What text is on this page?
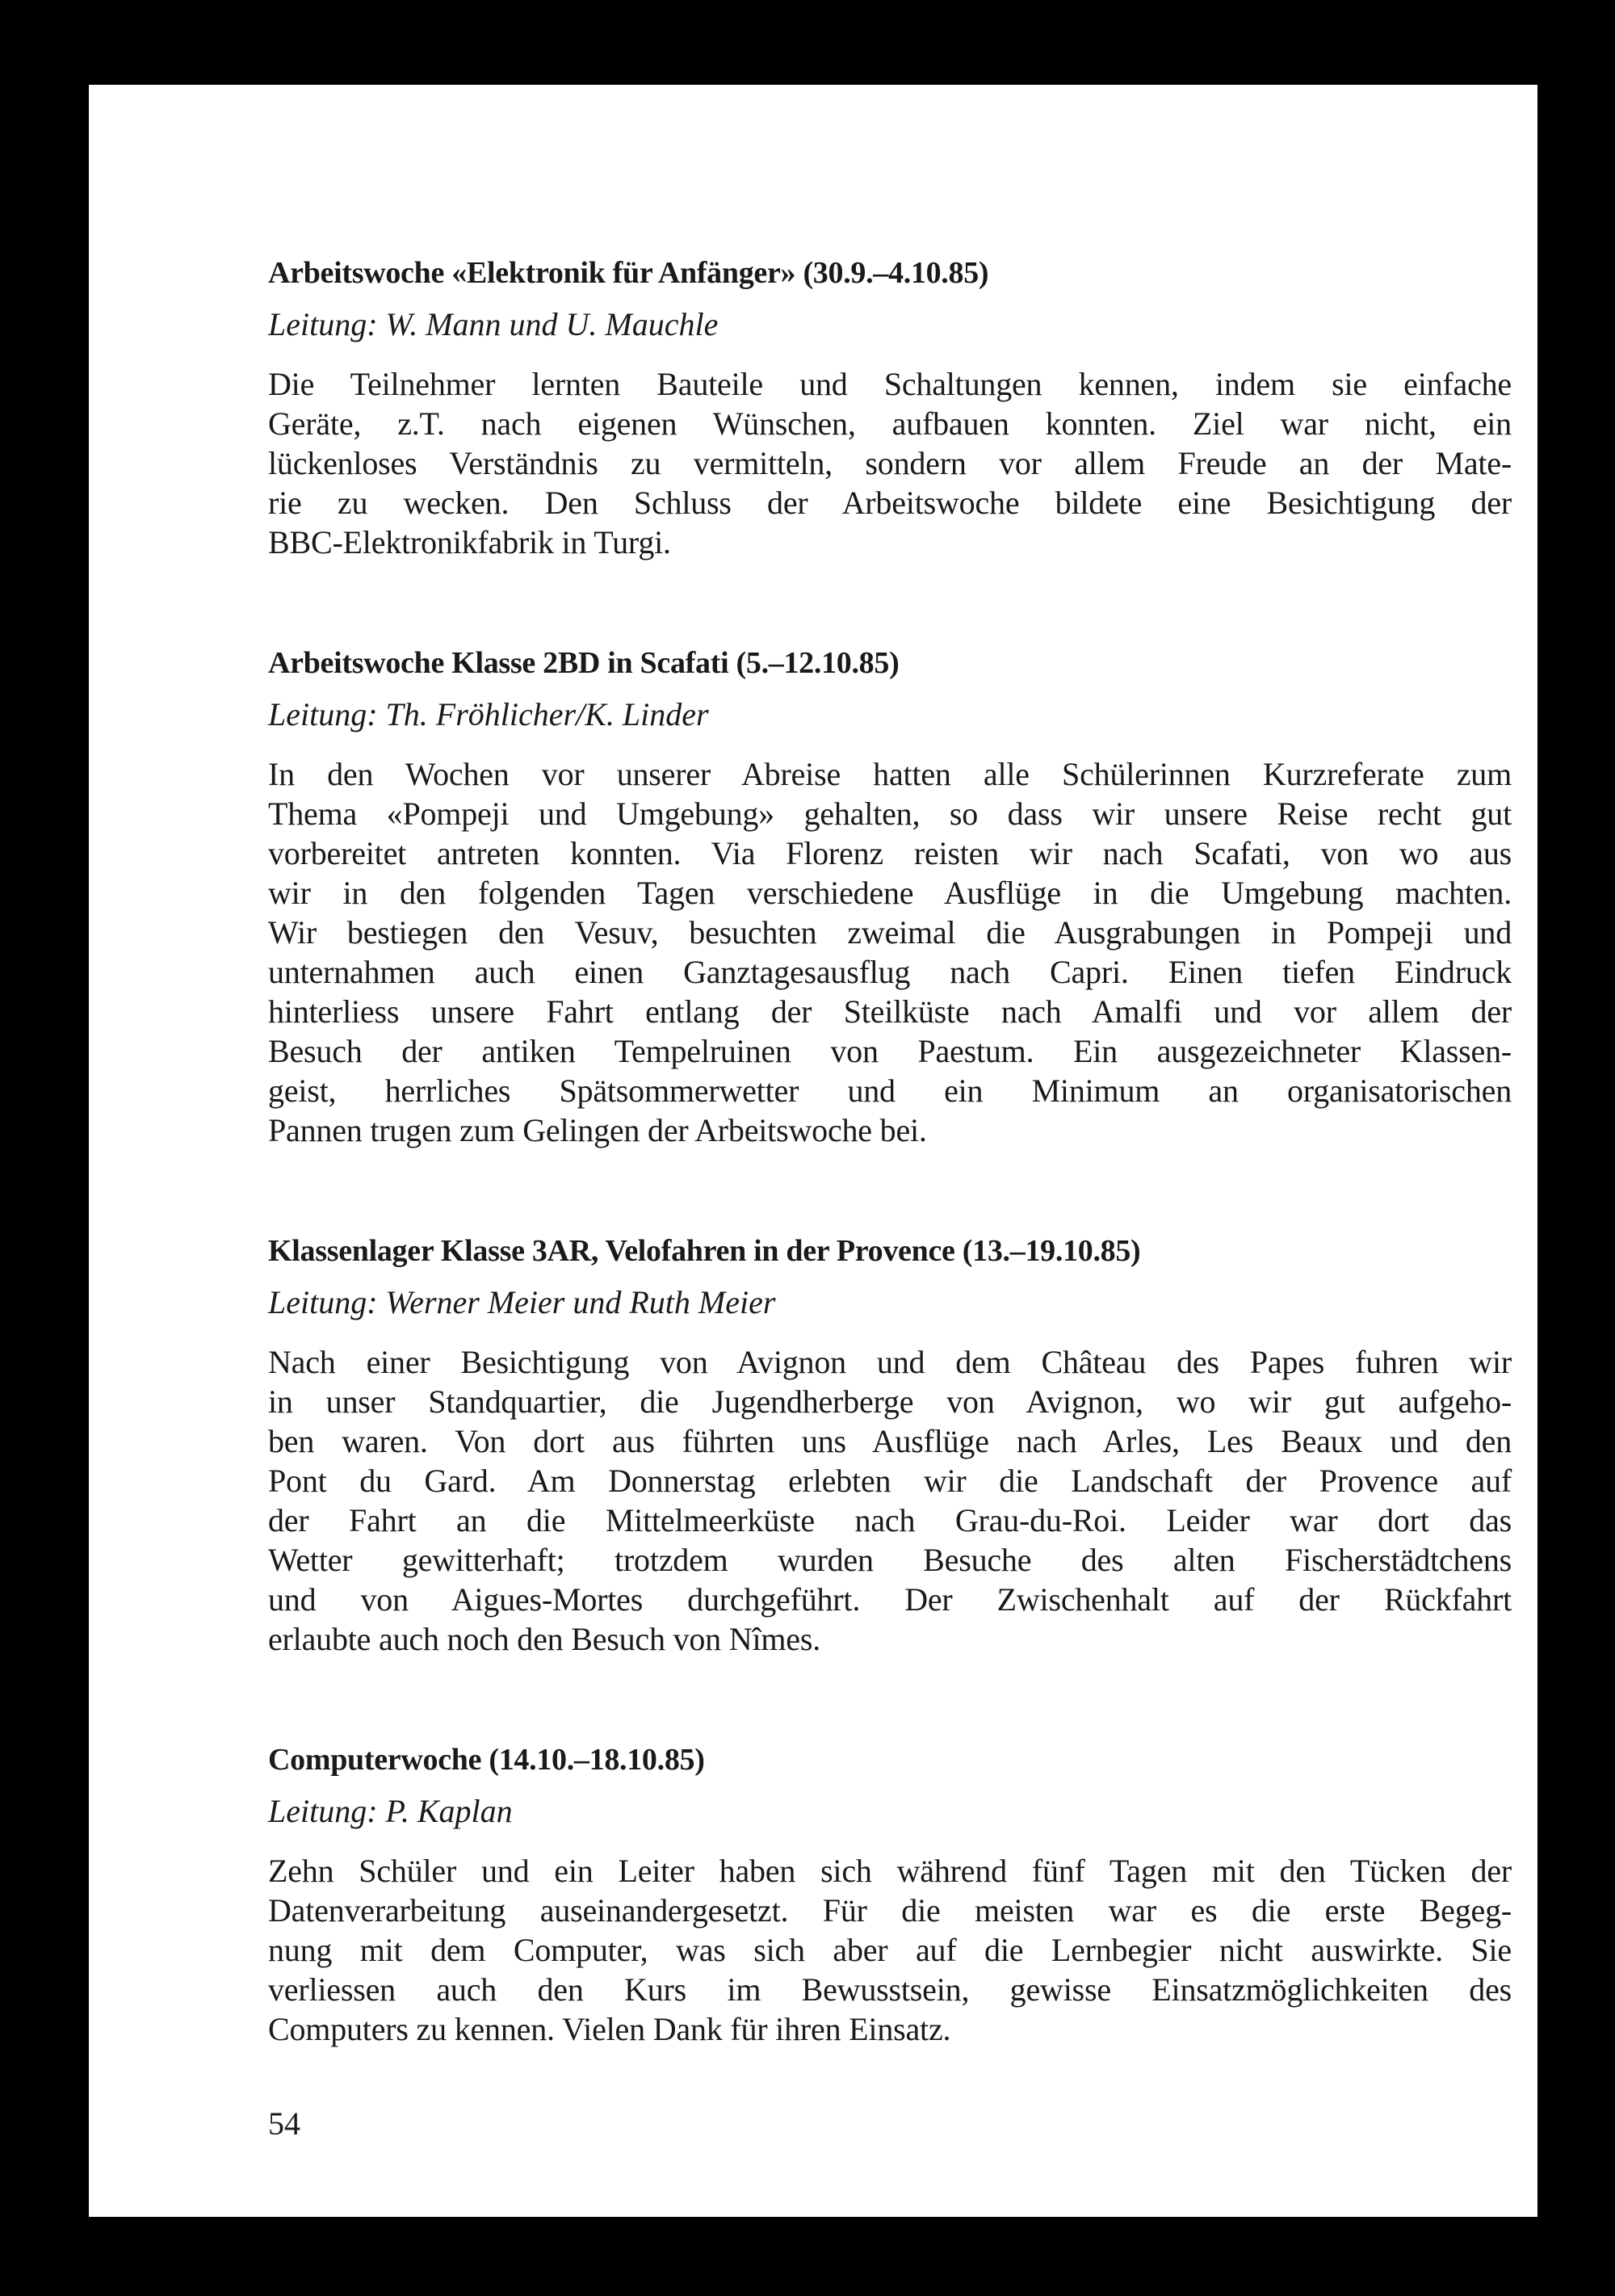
Arbeitswoche «Elektronik für Anfänger» (30.9.–4.10.85)
Leitung: W. Mann und U. Mauchle

Die Teilnehmer lernten Bauteile und Schaltungen kennen, indem sie einfache

Geräte, z.T. nach eigenen Wünschen, aufbauen konnten. Ziel war nicht, ein

lückenloses Verständnis zu vermitteln, sondern vor allem Freude an der Mate-

rie zu wecken. Den Schluss der Arbeitswoche bildete eine Besichtigung der

BBC-Elektronikfabrik in Turgi.

Arbeitswoche Klasse 2BD in Scafati (5.–12.10.85)
Leitung: Th. Fröhlicher/K. Linder

In den Wochen vor unserer Abreise hatten alle Schülerinnen Kurzreferate zum

Thema «Pompeji und Umgebung» gehalten, so dass wir unsere Reise recht gut

vorbereitet antreten konnten. Via Florenz reisten wir nach Scafati, von wo aus

wir in den folgenden Tagen verschiedene Ausflüge in die Umgebung machten.

Wir bestiegen den Vesuv, besuchten zweimal die Ausgrabungen in Pompeji und

unternahmen auch einen Ganztagesausflug nach Capri. Einen tiefen Eindruck

hinterliess unsere Fahrt entlang der Steilküste nach Amalfi und vor allem der

Besuch der antiken Tempelruinen von Paestum. Ein ausgezeichneter Klassen-

geist, herrliches Spätsommerwetter und ein Minimum an organisatorischen

Pannen trugen zum Gelingen der Arbeitswoche bei.

Klassenlager Klasse 3AR, Velofahren in der Provence (13.–19.10.85)
Leitung: Werner Meier und Ruth Meier

Nach einer Besichtigung von Avignon und dem Château des Papes fuhren wir

in unser Standquartier, die Jugendherberge von Avignon, wo wir gut aufgeho-

ben waren. Von dort aus führten uns Ausflüge nach Arles, Les Beaux und den

Pont du Gard. Am Donnerstag erlebten wir die Landschaft der Provence auf

der Fahrt an die Mittelmeerküste nach Grau-du-Roi. Leider war dort das

Wetter gewitterhaft; trotzdem wurden Besuche des alten Fischerstädtchens

und von Aigues-Mortes durchgeführt. Der Zwischenhalt auf der Rückfahrt

erlaubte auch noch den Besuch von Nîmes.

Computerwoche (14.10.–18.10.85)
Leitung: P. Kaplan

Zehn Schüler und ein Leiter haben sich während fünf Tagen mit den Tücken der

Datenverarbeitung auseinandergesetzt. Für die meisten war es die erste Begeg-

nung mit dem Computer, was sich aber auf die Lernbegier nicht auswirkte. Sie

verliessen auch den Kurs im Bewusstsein, gewisse Einsatzmöglichkeiten des

Computers zu kennen. Vielen Dank für ihren Einsatz.

54
